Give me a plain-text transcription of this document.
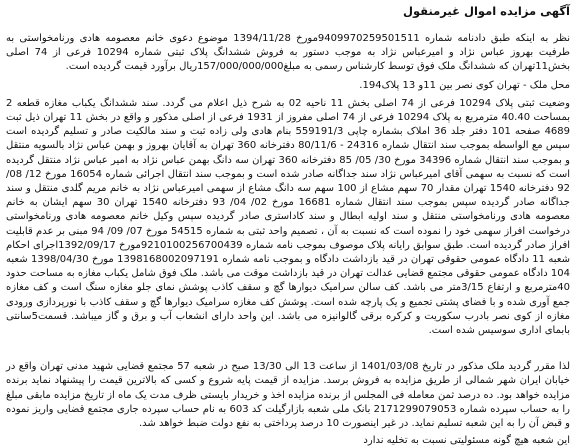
آگهی مزایده اموال غیرمنقول

نظر به اینکه طبق دادنامه شماره 9409970259501511مورخ 1394/11/28 موضوع دعوی خانم معصومه هادی ورنامخواستی به طرفیت بهروز عباس نژاد و امیرعباس نژاد به موجب دستور به فروش ششدانگ پلاک ثبتی شماره 10294 فرعی از 74 اصلی بخش11تهران که ششدانگ ملک فوق توسط کارشناس رسمی به مبلغ157/000/000/000ریال برآورد قیمت گردیده است.

محل ملک - تهران کوی نصر بین 11و 13 پلاک194.

وضعیت ثبتی پلاک 10294 فرعی از 74 اصلی بخش 11 ناحیه 02 به شرح ذیل اعلام می گردد. سند ششدانگ یکباب مغازه قطعه 2 بمساحت 40.40 مترمربع به پلاک 10294 فرعی از 74 اصلی مفروز از 1931 فرعی از اصلی مذکور و واقع در بخش 11 تهران ذیل ثبت 4689 صفحه 101 دفتر جلد 36 املاک بشماره چاپی 559191/3 بنام هادی ولی زاده ثبت و سند مالکیت صادر و تسلیم گردیده است سپس مع الواسطه بموجب سند انتقال شماره 24316 - 80/11/6 دفترخانه 360 تهران به آقایان بهروز و بهمن عباس نژاد بالسویه منتقل و بموجب سند انتقال شماره 34396 مورخ 30/ 05/ 85 دفترخانه 360 تهران سه دانگ بهمن عباس نژاد به امیر عباس نژاد منتقل گردیده است که نسبت به سهمی آقای امیرعباس نژاد سند جداگانه صادر شده است و بموجب سند انتقال اجرائی شماره 16054 مورخ 12/ 08/ 92 دفترخانه 1540 تهران مقدار 70 سهم مشاع از 100 سهم سه دانگ مشاع از سهمی امیرعباس نژاد به خانم مریم گلدی منتقل و سند جداگانه صادر گردیده سپس بموجب سند انتقال شماره 16681 مورخ 02/ 04/ 93 دفترخانه 1540 تهران 30 سهم ایشان به خانم معصومه هادی ورنامخواستی منتقل و سند اولیه ابطال و سند کاداستری صادر گردیده سپس وکیل خانم معصومه هادی ورنامخواستی درخواست افراز سهمی خود را نموده است که نسبت به آن ، تصمیم واحد ثبتی به شماره 54515 مورخ 07/ 09/ 94 مبنی بر عدم قابلیت افراز صادر گردیده است. طبق سوابق رایانه پلاک موصوف بموجب نامه شماره 9210100256700439مورخ 1392/09/17اجرای احکام شعبه 11 دادگاه عمومی حقوقی تهران در قید بازداشت دادگاه و بموجب نامه شماره 1398168002097191 مورخ 1398/04/30 شعبه 104 دادگاه عمومی حقوقی مجتمع قضایی عدالت تهران در قید بازداشت موقت می باشد. ملک فوق شامل یکباب مغازه به مساحت حدود 40مترمربع و ارتفاع 3/15متر می باشد. کف سالن سرامیک دیوارها گچ و سقف کاذب پوشش نمای جلو مغازه سنگ است و کف مغازه جمع آوری شده و با فضای پشتی تجمیع و یک پارچه شده است. پوشش کف مغازه سرامیک دیوارها گچ و سقف کاذب با نورپردازی ورودی مغازه از کوی نصر بادرب سکوریت و کرکره برقی گالوانیزه می باشد. این واحد دارای انشعاب آب و برق و گاز میباشد. قسمت5سانتی بابمای اداری سوسیس شده است.

لذا مقرر گردید ملک مذکور در تاریخ 1401/03/08 از ساعت 13 الی 13/30 صبح در شعبه 57 مجتمع قضایی شهید مدنی تهران واقع در خیابان ایران شهر شمالی از طریق مزایده به فروش برسد. مزایده از قیمت پایه شروع و کسی که بالاترین قیمت را پیشنهاد نماید برنده مزایده خواهد بود. ده درصد ثمن معامله فی المجلس از برنده مزایده اخذ و خریدار بایستی ظرف مدت یک ماه از تاریخ مزایده مابقی مبلغ را به حساب سپرده شماره 2171299079053 بانک ملی شعبه بازارگیلت کد 603 به نام حساب سپرده جاری مجتمع قضایی واریز نموده و قبض آن را به این شعبه تسلیم نماید. در غیر اینصورت 10 درصد پرداختی به نفع دولت ضبط خواهد شد.

این شعبه هیچ گونه مسئولیتی نسبت به تخلیه ندارد
